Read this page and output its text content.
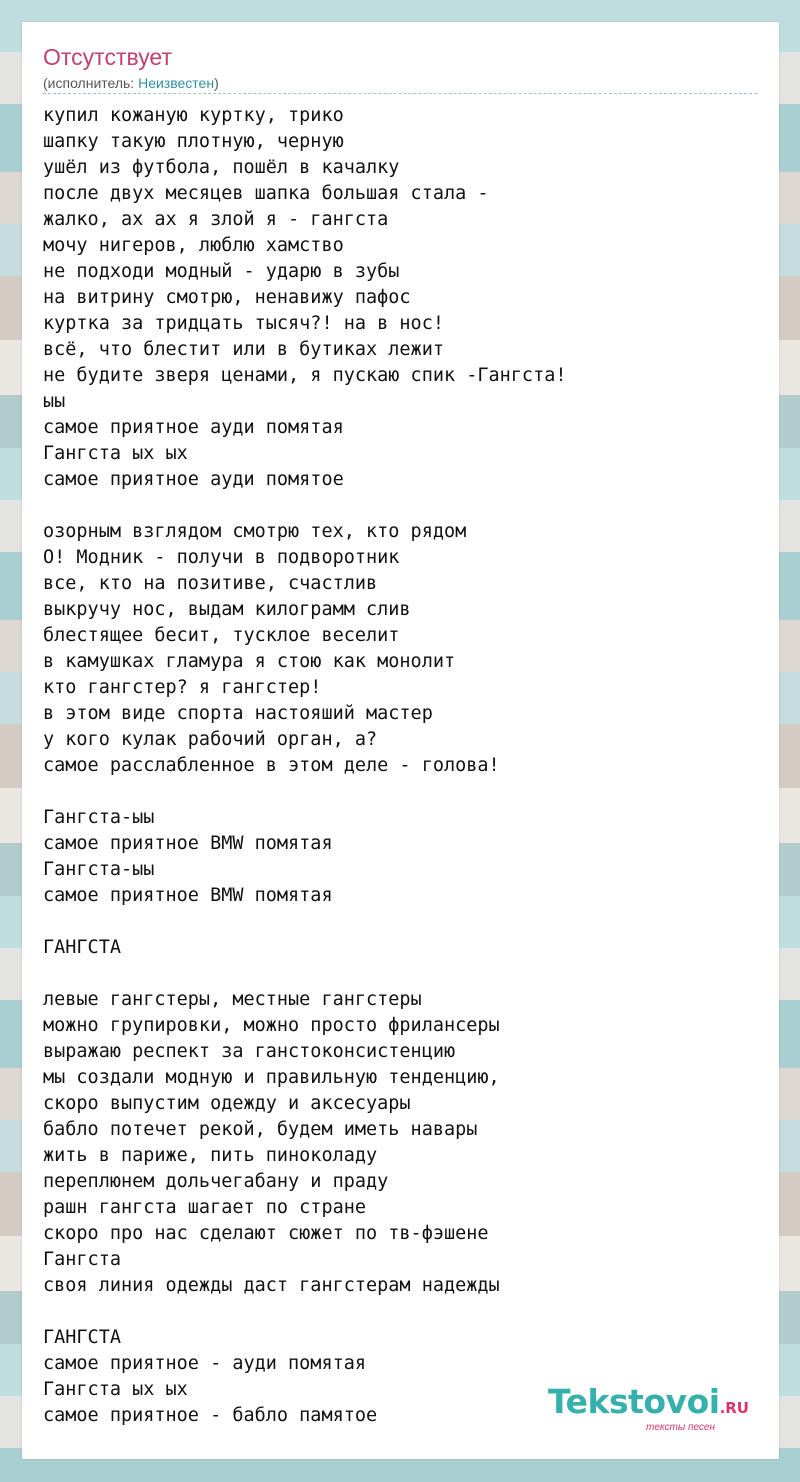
Отсутствует
(исполнитель: Неизвестен)
купил кожаную куртку, трико
шапку такую плотную, черную
ушёл из футбола, пошёл в качалку
после двух месяцев шапка большая стала -
жалко, ах ах я злой я - гангста
мочу нигеров, люблю хамство
не подходи модный - ударю в зубы
на витрину смотрю, ненавижу пафос
куртка за тридцать тысяч?! на в нос!
всё, что блестит или в бутиках лежит
не будите зверя ценами, я пускаю спик -Гангста!
ыы
самое приятное ауди помятая
Гангста ых ых
самое приятное ауди помятое

озорным взглядом смотрю тех, кто рядом
О! Модник - получи в подворотник
все, кто на позитиве, счастлив
выкручу нос, выдам килограмм слив
блестящее бесит, тусклое веселит
в камушках гламура я стою как монолит
кто гангстер? я гангстер!
в этом виде спорта настояший мастер
у кого кулак рабочий орган, а?
самое расслабленное в этом деле - голова!

Гангста-ыы
самое приятное BMW помятая
Гангста-ыы
самое приятное BMW помятая

ГАНГСТА

левые гангстеры, местные гангстеры
можно групировки, можно просто фрилансеры
выражаю респект за ганстоконсистенцию
мы создали модную и правильную тенденцию,
скоро выпустим одежду и аксесуары
бабло потечет рекой, будем иметь навары
жить в париже, пить пиноколаду
переплюнем дольчегабану и праду
рашн гангста шагает по стране
скоро про нас сделают сюжет по тв-фэшене
Гангста
своя линия одежды даст гангстерам надежды

ГАНГСТА
самое приятное - ауди помятая
Гангста ых ых
самое приятное - бабло памятое	Tekstovoi.RU
тексты песен
